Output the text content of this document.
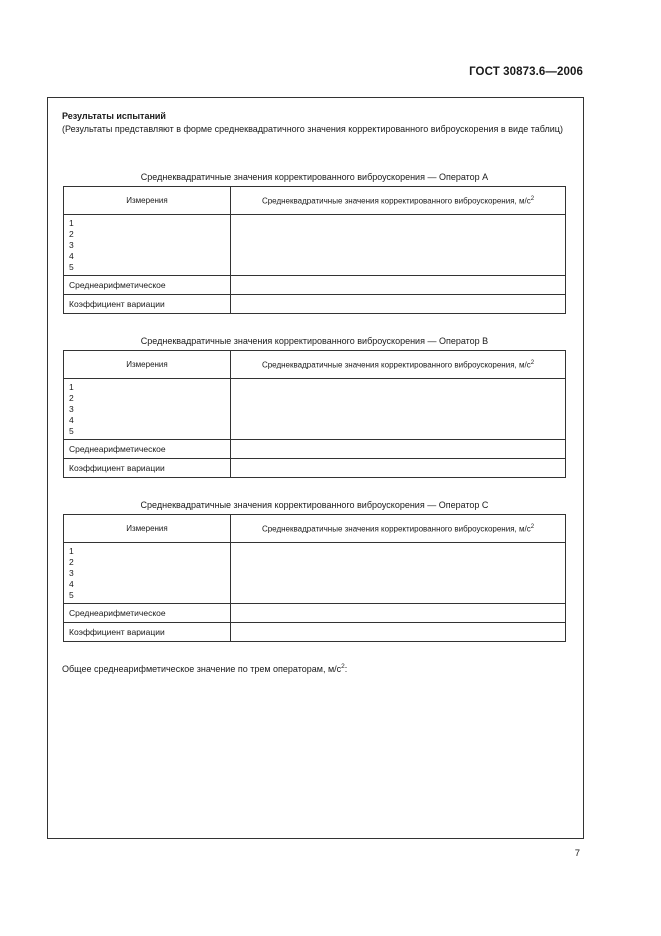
ГОСТ 30873.6—2006
Результаты испытаний
(Результаты представляют в форме среднеквадратичного значения корректированного виброускорения в виде таблиц)
Среднеквадратичные значения корректированного виброускорения — Оператор А
Измерения	Среднеквадратичные значения корректированного виброускорения, $м/с^2$

1
2
3
4
5	

Среднеарифметическое	
Коэффициент вариации	
Среднеквадратичные значения корректированного виброускорения — Оператор В
Измерения	Среднеквадратичные значения корректированного виброускорения, $м/с^2$

1
2
3
4
5	

Среднеарифметическое	
Коэффициент вариации	
Среднеквадратичные значения корректированного виброускорения — Оператор С
Измерения	Среднеквадратичные значения корректированного виброускорения, $м/с^2$

1
2
3
4
5	

Среднеарифметическое	
Коэффициент вариации	
Общее среднеарифметическое значение по трем операторам, $м/с^2$:
7
